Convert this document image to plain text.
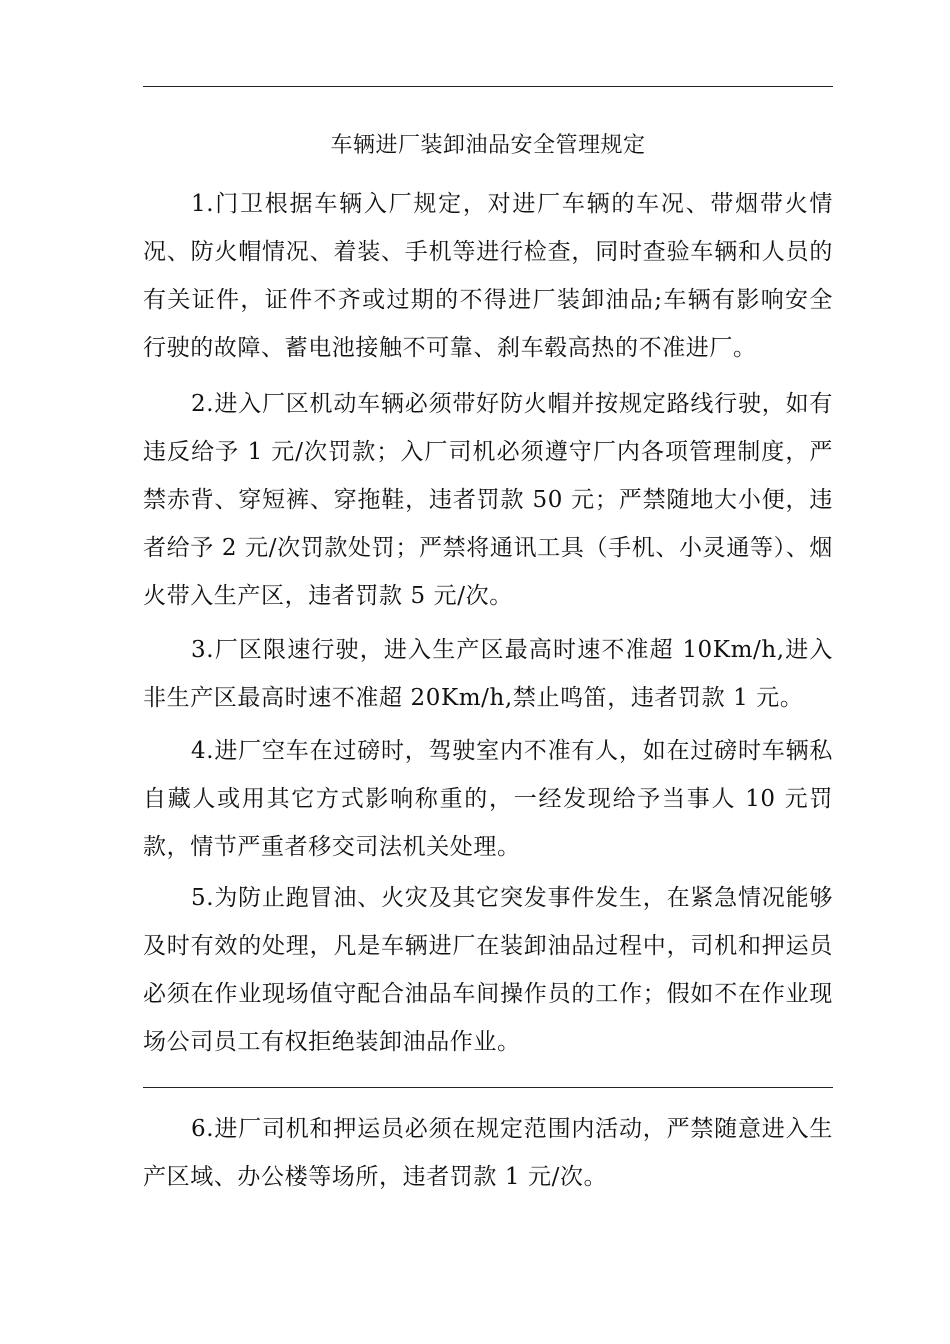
车辆进厂装卸油品安全管理规定

1.门卫根据车辆入厂规定，对进厂车辆的车况、带烟带火情况、防火帽情况、着装、手机等进行检查，同时查验车辆和人员的有关证件，证件不齐或过期的不得进厂装卸油品;车辆有影响安全行驶的故障、蓄电池接触不可靠、刹车毂高热的不准进厂。

2.进入厂区机动车辆必须带好防火帽并按规定路线行驶，如有违反给予 1 元/次罚款；入厂司机必须遵守厂内各项管理制度，严禁赤背、穿短裤、穿拖鞋，违者罚款 50 元；严禁随地大小便，违者给予 2 元/次罚款处罚；严禁将通讯工具（手机、小灵通等）、烟火带入生产区，违者罚款 5 元/次。

3.厂区限速行驶，进入生产区最高时速不准超 10Km/h,进入非生产区最高时速不准超 20Km/h,禁止鸣笛，违者罚款 1 元。

4.进厂空车在过磅时，驾驶室内不准有人，如在过磅时车辆私自藏人或用其它方式影响称重的，一经发现给予当事人 10 元罚款，情节严重者移交司法机关处理。

5.为防止跑冒油、火灾及其它突发事件发生，在紧急情况能够及时有效的处理，凡是车辆进厂在装卸油品过程中，司机和押运员必须在作业现场值守配合油品车间操作员的工作；假如不在作业现场公司员工有权拒绝装卸油品作业。

6.进厂司机和押运员必须在规定范围内活动，严禁随意进入生产区域、办公楼等场所，违者罚款 1 元/次。
